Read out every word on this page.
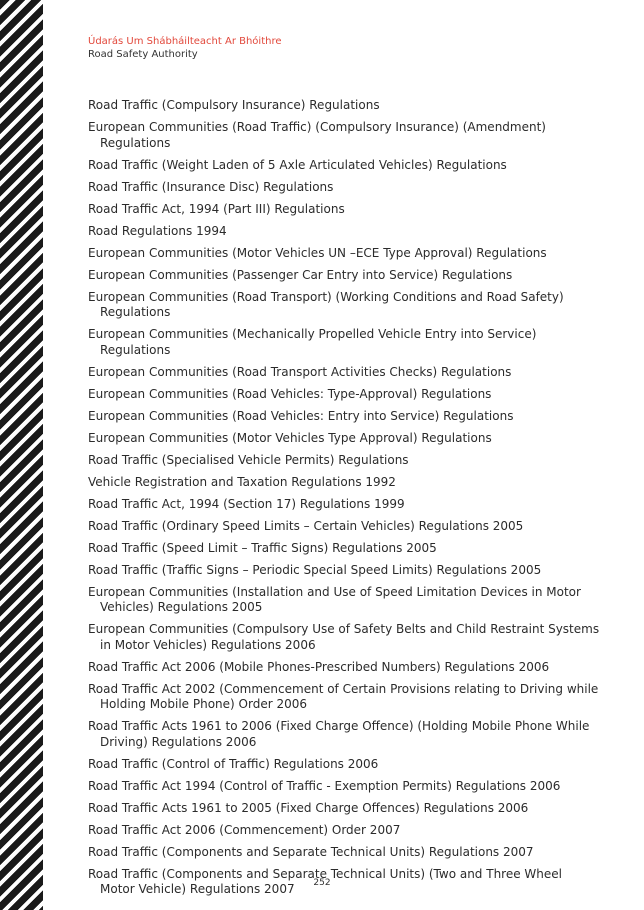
Údarás Um Shábháilteacht Ar Bhóithre
Road Safety Authority
Road Traffic (Compulsory Insurance) Regulations
European Communities (Road Traffic) (Compulsory Insurance) (Amendment) Regulations
Road Traffic (Weight Laden of 5 Axle Articulated Vehicles) Regulations
Road Traffic (Insurance Disc) Regulations
Road Traffic Act, 1994 (Part III) Regulations
Road Regulations 1994
European Communities (Motor Vehicles UN –ECE Type Approval) Regulations
European Communities (Passenger Car Entry into Service) Regulations
European Communities (Road Transport) (Working Conditions and Road Safety) Regulations
European Communities (Mechanically Propelled Vehicle Entry into Service) Regulations
European Communities (Road Transport Activities Checks) Regulations
European Communities (Road Vehicles: Type-Approval) Regulations
European Communities (Road Vehicles: Entry into Service) Regulations
European Communities (Motor Vehicles Type Approval) Regulations
Road Traffic (Specialised Vehicle Permits) Regulations
Vehicle Registration and Taxation Regulations 1992
Road Traffic Act, 1994 (Section 17) Regulations 1999
Road Traffic (Ordinary Speed Limits – Certain Vehicles) Regulations 2005
Road Traffic (Speed Limit – Traffic Signs) Regulations 2005
Road Traffic (Traffic Signs – Periodic Special Speed Limits) Regulations 2005
European Communities (Installation and Use of Speed Limitation Devices in Motor Vehicles) Regulations 2005
European Communities (Compulsory Use of Safety Belts and Child Restraint Systems in Motor Vehicles) Regulations 2006
Road Traffic Act 2006 (Mobile Phones-Prescribed Numbers) Regulations 2006
Road Traffic Act 2002 (Commencement of Certain Provisions relating to Driving while Holding Mobile Phone) Order 2006
Road Traffic Acts 1961 to 2006 (Fixed Charge Offence) (Holding Mobile Phone While Driving) Regulations 2006
Road Traffic (Control of Traffic) Regulations 2006
Road Traffic Act 1994 (Control of Traffic - Exemption Permits) Regulations 2006
Road Traffic Acts 1961 to 2005 (Fixed Charge Offences) Regulations 2006
Road Traffic Act 2006 (Commencement) Order 2007
Road Traffic (Components and Separate Technical Units) Regulations 2007
Road Traffic (Components and Separate Technical Units) (Two and Three Wheel Motor Vehicle) Regulations 2007	252
